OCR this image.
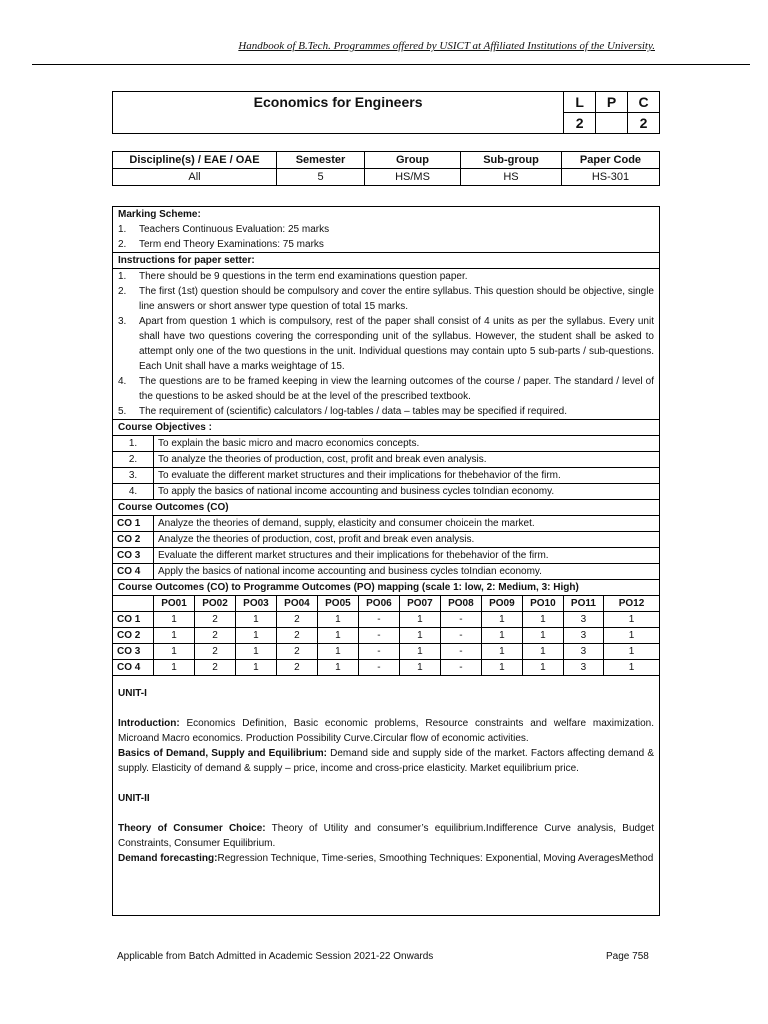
Handbook of B.Tech. Programmes offered by USICT at Affiliated Institutions of the University.
Economics for Engineers	L	P	C
	2		2
Discipline(s) / EAE / OAE	Semester	Group	Sub-group	Paper Code
All	5	HS/MS	HS	HS-301
Marking Scheme:
1.	Teachers Continuous Evaluation: 25 marks
2.	Term end Theory Examinations: 75 marks
Instructions for paper setter:
1.	There should be 9 questions in the term end examinations question paper.
2.	The first (1st) question should be compulsory and cover the entire syllabus. This question should be objective, single line answers or short answer type question of total 15 marks.
3.	Apart from question 1 which is compulsory, rest of the paper shall consist of 4 units as per the syllabus. Every unit shall have two questions covering the corresponding unit of the syllabus. However, the student shall be asked to attempt only one of the two questions in the unit. Individual questions may contain upto 5 sub-parts / sub-questions. Each Unit shall have a marks weightage of 15.
4.	The questions are to be framed keeping in view the learning outcomes of the course / paper. The standard / level of the questions to be asked should be at the level of the prescribed textbook.
5.	The requirement of (scientific) calculators / log-tables / data – tables may be specified if required.
Course Objectives :
1.	To explain the basic micro and macro economics concepts.
2.	To analyze the theories of production, cost, profit and break even analysis.
3.	To evaluate the different market structures and their implications for thebehavior of the firm.
4.	To apply the basics of national income accounting and business cycles toIndian economy.
Course Outcomes (CO)
CO 1	Analyze the theories of demand, supply, elasticity and consumer choicein the market.
CO 2	Analyze the theories of production, cost, profit and break even analysis.
CO 3	Evaluate the different market structures and their implications for thebehavior of the firm.
CO 4	Apply the basics of national income accounting and business cycles toIndian economy.
Course Outcomes (CO) to Programme Outcomes (PO) mapping (scale 1: low, 2: Medium, 3: High)
	PO01	PO02	PO03	PO04	PO05	PO06	PO07	PO08	PO09	PO10	PO11	PO12
CO 1	1	2	1	2	1	-	1	-	1	1	3	1
CO 2	1	2	1	2	1	-	1	-	1	1	3	1
CO 3	1	2	1	2	1	-	1	-	1	1	3	1
CO 4	1	2	1	2	1	-	1	-	1	1	3	1
UNIT-I

Introduction: Economics Definition, Basic economic problems, Resource constraints and welfare maximization. Microand Macro economics. Production Possibility Curve.Circular flow of economic activities.

Basics of Demand, Supply and Equilibrium: Demand side and supply side of the market. Factors affecting demand & supply. Elasticity of demand & supply – price, income and cross-price elasticity. Market equilibrium price.

UNIT-II

Theory of Consumer Choice: Theory of Utility and consumer’s equilibrium.Indifference Curve analysis, Budget Constraints, Consumer Equilibrium.

Demand forecasting:Regression Technique, Time-series, Smoothing Techniques: Exponential, Moving AveragesMethod

Applicable from Batch Admitted in Academic Session 2021-22 Onwards	Page 758
